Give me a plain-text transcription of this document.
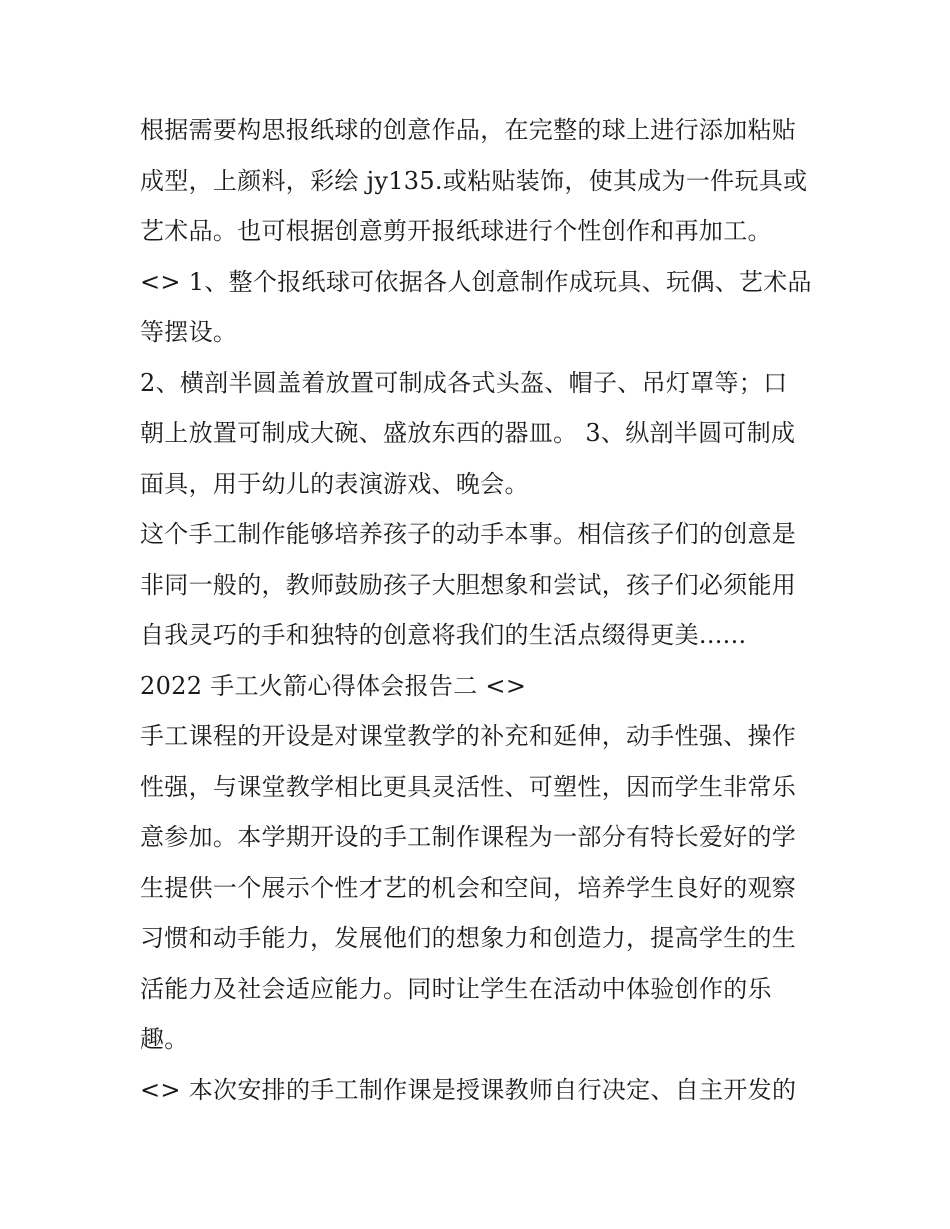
根据需要构思报纸球的创意作品，在完整的球上进行添加粘贴
成型，上颜料，彩绘 jy135.或粘贴装饰，使其成为一件玩具或
艺术品。也可根据创意剪开报纸球进行个性创作和再加工。
<> 1、整个报纸球可依据各人创意制作成玩具、玩偶、艺术品
等摆设。
2、横剖半圆盖着放置可制成各式头盔、帽子、吊灯罩等；口
朝上放置可制成大碗、盛放东西的器皿。 3、纵剖半圆可制成
面具，用于幼儿的表演游戏、晚会。
这个手工制作能够培养孩子的动手本事。相信孩子们的创意是
非同一般的，教师鼓励孩子大胆想象和尝试，孩子们必须能用
自我灵巧的手和独特的创意将我们的生活点缀得更美......
2022 手工火箭心得体会报告二 <>
手工课程的开设是对课堂教学的补充和延伸，动手性强、操作
性强，与课堂教学相比更具灵活性、可塑性，因而学生非常乐
意参加。本学期开设的手工制作课程为一部分有特长爱好的学
生提供一个展示个性才艺的机会和空间，培养学生良好的观察
习惯和动手能力，发展他们的想象力和创造力，提高学生的生
活能力及社会适应能力。同时让学生在活动中体验创作的乐
趣。
<> 本次安排的手工制作课是授课教师自行决定、自主开发的
